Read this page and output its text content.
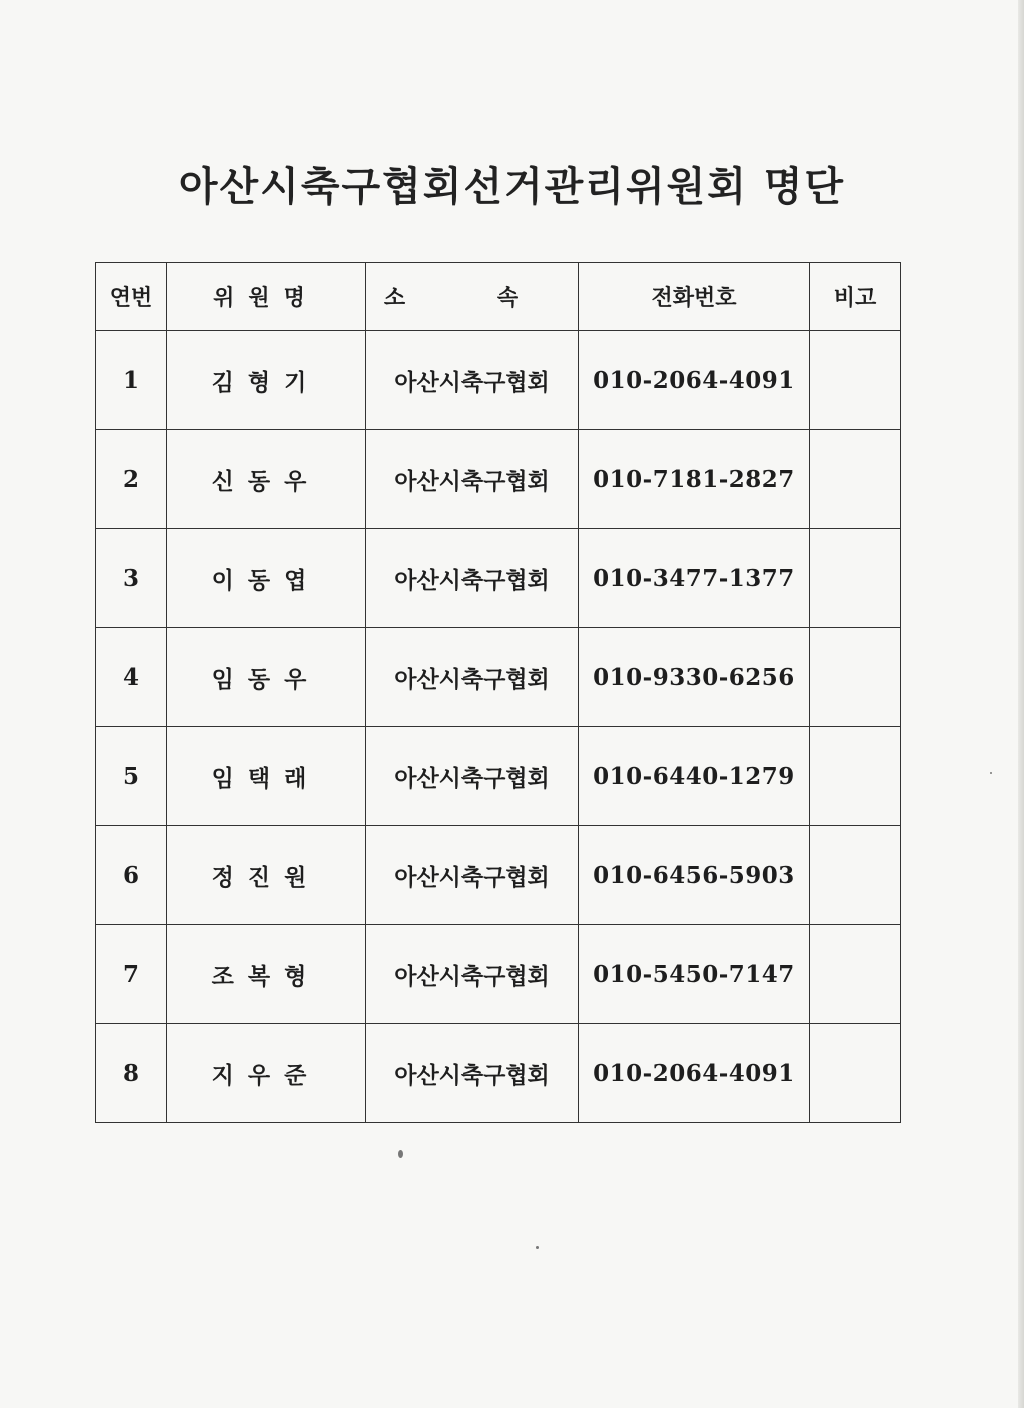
아산시축구협회선거관리위원회 명단
연번	위원명	소 속	전화번호	비고
1	김형기	아산시축구협회	010-2064-4091	
2	신동우	아산시축구협회	010-7181-2827	
3	이동엽	아산시축구협회	010-3477-1377	
4	임동우	아산시축구협회	010-9330-6256	
5	임택래	아산시축구협회	010-6440-1279	
6	정진원	아산시축구협회	010-6456-5903	
7	조복형	아산시축구협회	010-5450-7147	
8	지우준	아산시축구협회	010-2064-4091	
